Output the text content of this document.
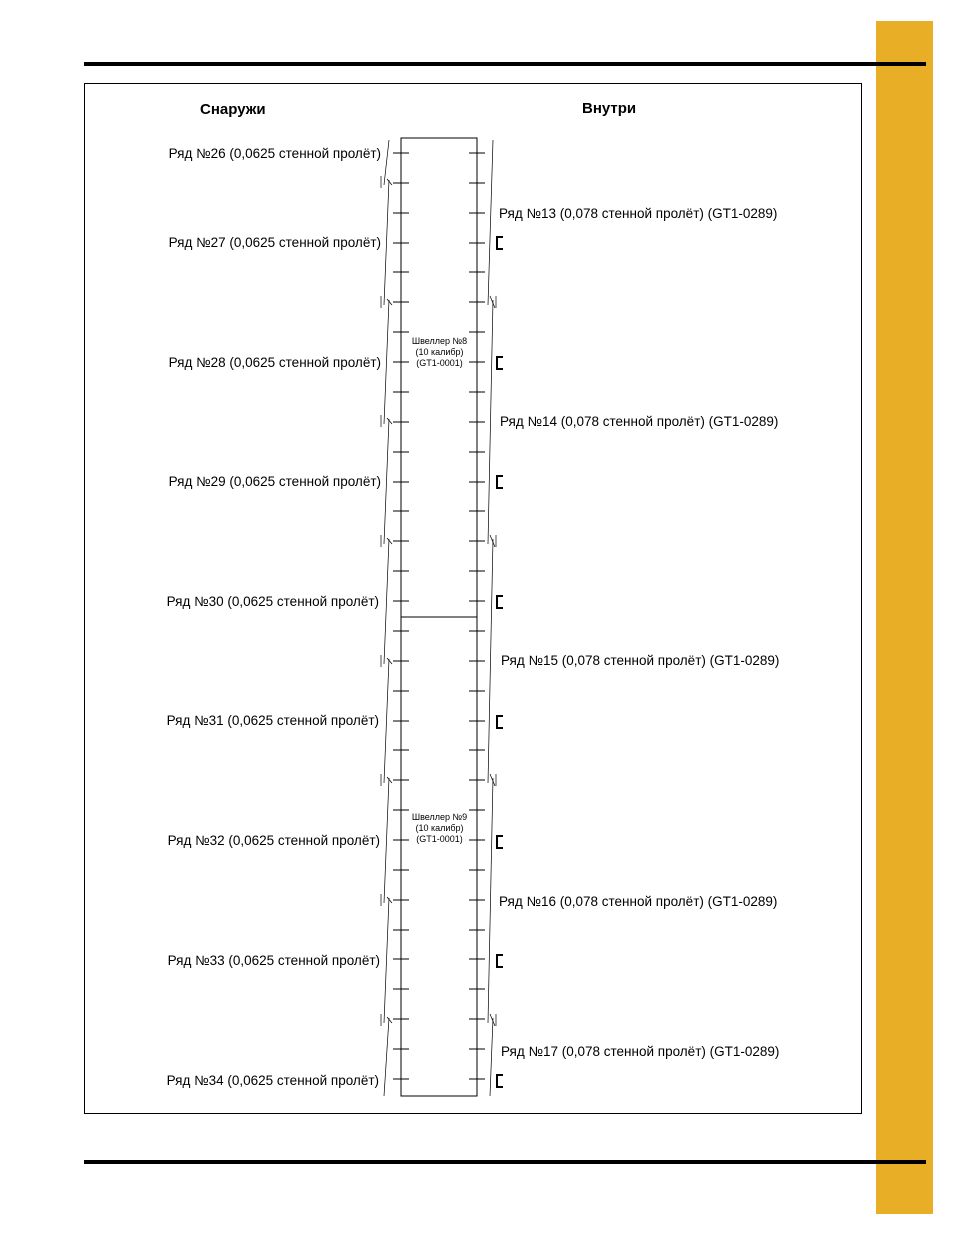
Снаружи	Внутри
Ряд №26 (0,0625 стенной пролёт)
Ряд №27 (0,0625 стенной пролёт)
Ряд №28 (0,0625 стенной пролёт)
Ряд №29 (0,0625 стенной пролёт)
Ряд №30 (0,0625 стенной пролёт)
Ряд №31 (0,0625 стенной пролёт)
Ряд №32 (0,0625 стенной пролёт)
Ряд №33 (0,0625 стенной пролёт)
Ряд №34 (0,0625 стенной пролёт)
Ряд №13 (0,078 стенной пролёт) (GT1-0289)
Ряд №14 (0,078 стенной пролёт) (GT1-0289)
Ряд №15 (0,078 стенной пролёт) (GT1-0289)
Ряд №16 (0,078 стенной пролёт) (GT1-0289)
Ряд №17 (0,078 стенной пролёт) (GT1-0289)
Швеллер №8
(10 калибр)
(GT1-0001)
Швеллер №9
(10 калибр)
(GT1-0001)
